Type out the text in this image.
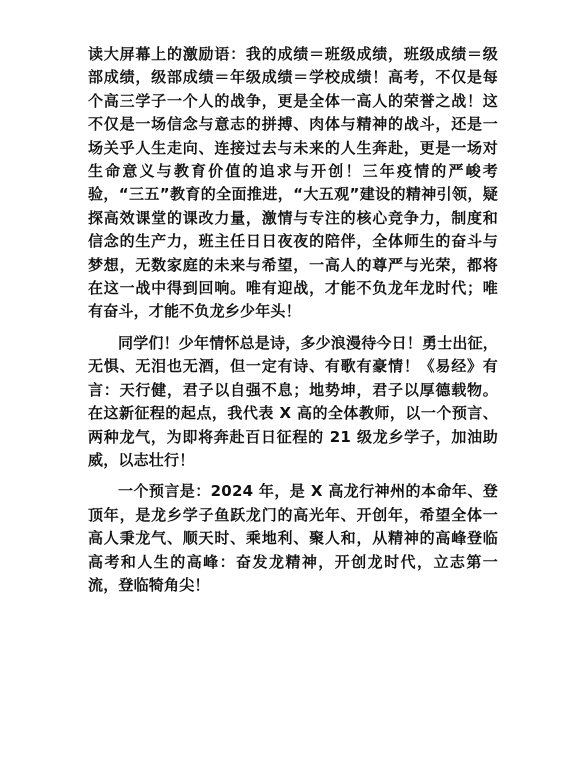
读大屏幕上的激励语：我的成绩＝班级成绩，班级成绩＝级部成绩，级部成绩＝年级成绩＝学校成绩！高考，不仅是每个高三学子一个人的战争，更是全体一高人的荣誉之战！这不仅是一场信念与意志的拼搏、肉体与精神的战斗，还是一场关乎人生走向、连接过去与未来的人生奔赴，更是一场对生命意义与教育价值的追求与开创！三年疫情的严峻考验，“三五”教育的全面推进，“大五观”建设的精神引领，疑探高效课堂的课改力量，激情与专注的核心竞争力，制度和信念的生产力，班主任日日夜夜的陪伴，全体师生的奋斗与梦想，无数家庭的未来与希望，一高人的尊严与光荣，都将在这一战中得到回响。唯有迎战，才能不负龙年龙时代；唯有奋斗，才能不负龙乡少年头！

同学们！少年情怀总是诗，多少浪漫待今日！勇士出征，无惧、无泪也无酒，但一定有诗、有歌有豪情！《易经》有言：天行健，君子以自强不息；地势坤，君子以厚德载物。在这新征程的起点，我代表 X 高的全体教师，以一个预言、两种龙气，为即将奔赴百日征程的 21 级龙乡学子，加油助威，以志壮行！

一个预言是：2024 年，是 X 高龙行神州的本命年、登顶年，是龙乡学子鱼跃龙门的高光年、开创年，希望全体一高人秉龙气、顺天时、乘地利、聚人和，从精神的高峰登临高考和人生的高峰：奋发龙精神，开创龙时代，立志第一流，登临犄角尖！
